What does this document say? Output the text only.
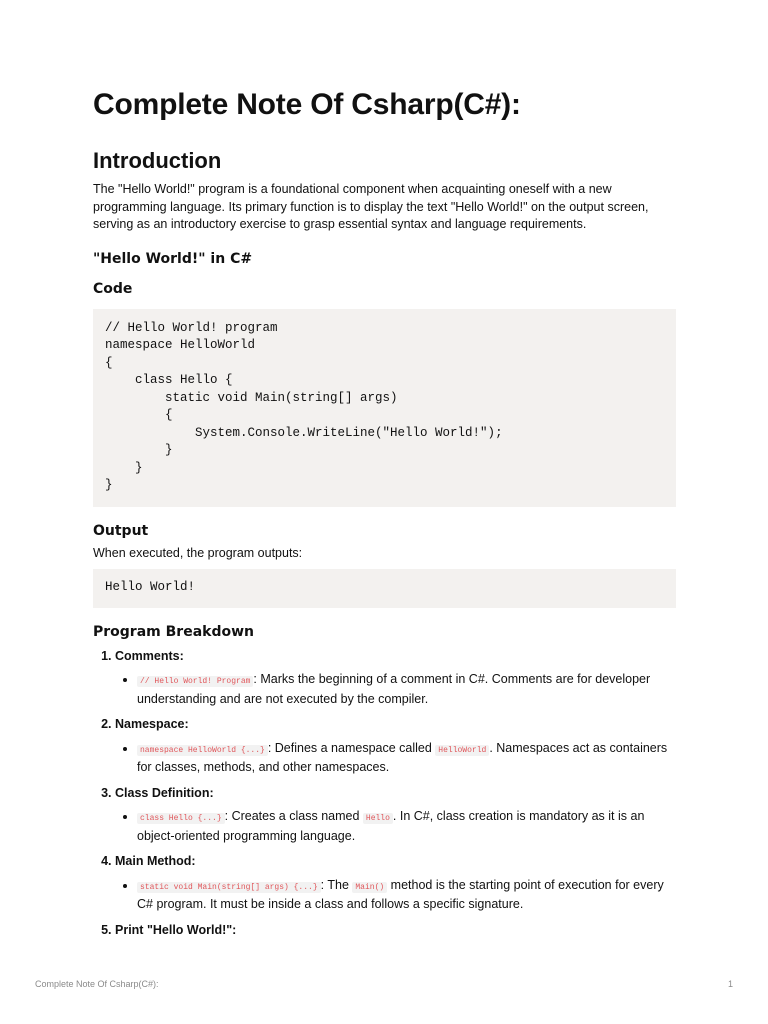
Complete Note Of Csharp(C#):
Introduction

The "Hello World!" program is a foundational component when acquainting oneself with a new programming language. Its primary function is to display the text "Hello World!" on the output screen, serving as an introductory exercise to grasp essential syntax and language requirements.

"Hello World!" in C#
Code
// Hello World! program
namespace HelloWorld
{
class Hello {
static void Main(string[] args)
{
System.Console.WriteLine("Hello World!");
}
}
}
Output

When executed, the program outputs:

Hello World!
Program Breakdown
1. Comments:
• // Hello World! Program : Marks the beginning of a comment in C#. Comments are for developer understanding and are not executed by the compiler.
2. Namespace:
• namespace HelloWorld {...} : Defines a namespace called HelloWorld . Namespaces act as containers for classes, methods, and other namespaces.
3. Class Definition:
• class Hello {...} : Creates a class named Hello . In C#, class creation is mandatory as it is an object-oriented programming language.
4. Main Method:
• static void Main(string[] args) {...} : The Main() method is the starting point of execution for every C# program. It must be inside a class and follows a specific signature.
5. Print "Hello World!":
Complete Note Of Csharp(C#):	1
